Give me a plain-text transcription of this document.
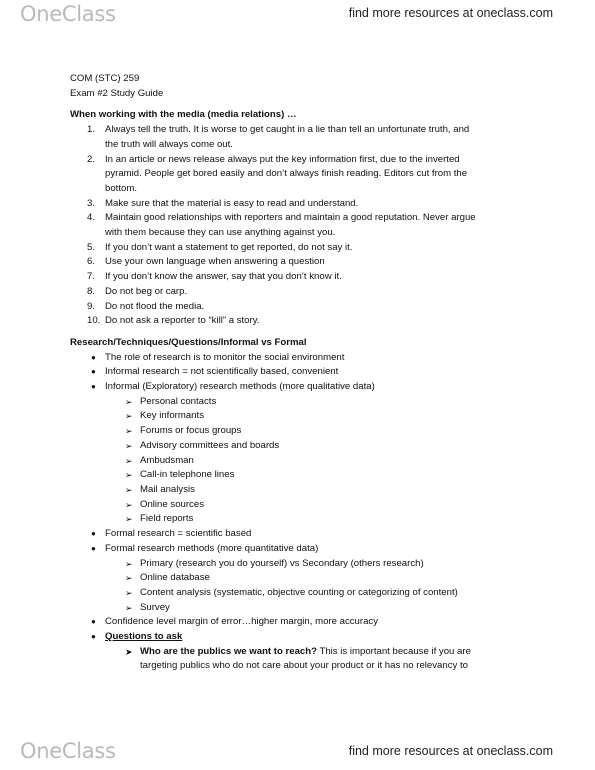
OneClass	find more resources at oneclass.com
COM (STC) 259
Exam #2 Study Guide
When working with the media (media relations) …
1. Always tell the truth. It is worse to get caught in a lie than tell an unfortunate truth, and
the truth will always come out.
2. In an article or news release always put the key information first, due to the inverted
pyramid. People get bored easily and don’t always finish reading. Editors cut from the
bottom.
3. Make sure that the material is easy to read and understand.
4. Maintain good relationships with reporters and maintain a good reputation. Never argue
with them because they can use anything against you.
5. If you don’t want a statement to get reported, do not say it.
6. Use your own language when answering a question
7. If you don’t know the answer, say that you don’t know it.
8. Do not beg or carp.
9. Do not flood the media.
10. Do not ask a reporter to “kill” a story.
Research/Techniques/Questions/Informal vs Formal
● The role of research is to monitor the social environment
● Informal research = not scientifically based, convenient
● Informal (Exploratory) research methods (more qualitative data)
➢ Personal contacts
➢ Key informants
➢ Forums or focus groups
➢ Advisory committees and boards
➢ Ambudsman
➢ Call-in telephone lines
➢ Mail analysis
➢ Online sources
➢ Field reports
● Formal research = scientific based
● Formal research methods (more quantitative data)
➢ Primary (research you do yourself) vs Secondary (others research)
➢ Online database
➢ Content analysis (systematic, objective counting or categorizing of content)
➢ Survey
● Confidence level margin of error…higher margin, more accuracy
● Questions to ask
➤ Who are the publics we want to reach? This is important because if you are
targeting publics who do not care about your product or it has no relevancy to
OneClass	find more resources at oneclass.com
